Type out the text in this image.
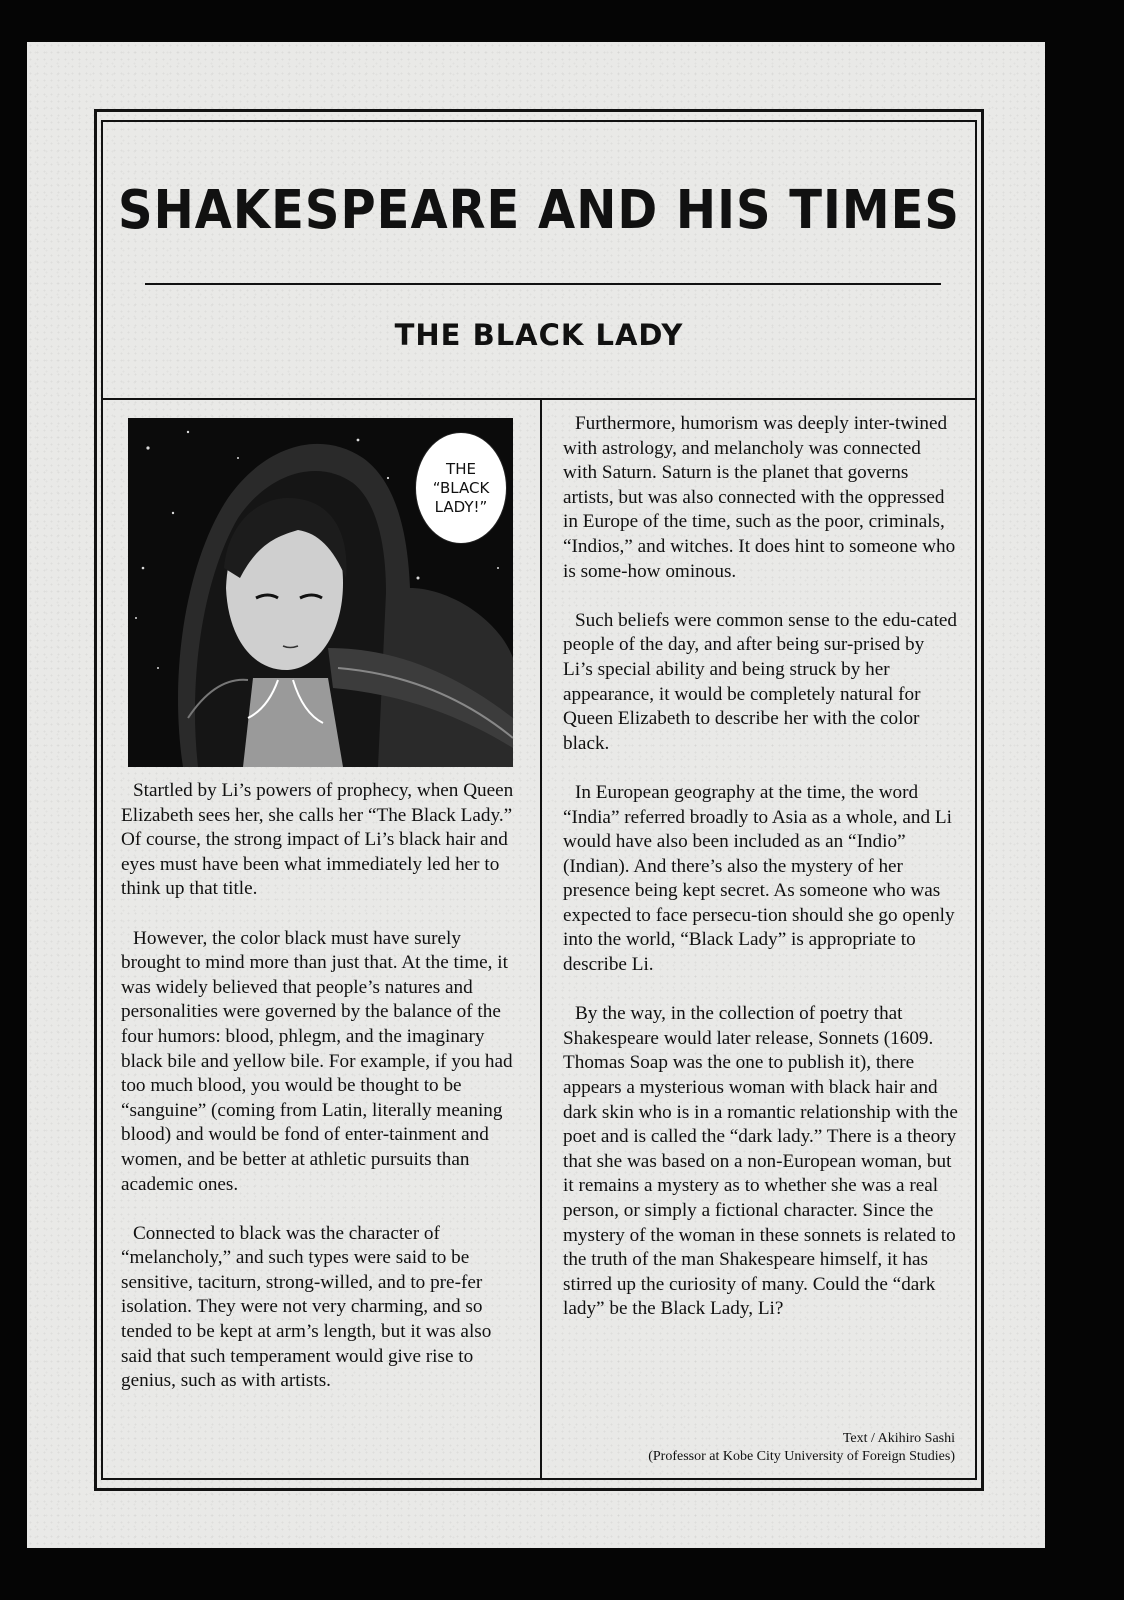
SHAKESPEARE AND HIS TIMES
THE BLACK LADY
THE “BLACK LADY!”

Startled by Li’s powers of prophecy, when Queen Elizabeth sees her, she calls her “The Black Lady.” Of course, the strong impact of Li’s black hair and eyes must have been what immediately led her to think up that title.

However, the color black must have surely brought to mind more than just that. At the time, it was widely believed that people’s natures and personalities were governed by the balance of the four humors: blood, phlegm, and the imaginary black bile and yellow bile. For example, if you had too much blood, you would be thought to be “sanguine” (coming from Latin, literally meaning blood) and would be fond of enter-tainment and women, and be better at athletic pursuits than academic ones.

Connected to black was the character of “melancholy,” and such types were said to be sensitive, taciturn, strong-willed, and to pre-fer isolation. They were not very charming, and so tended to be kept at arm’s length, but it was also said that such temperament would give rise to genius, such as with artists.

Furthermore, humorism was deeply inter-twined with astrology, and melancholy was connected with Saturn. Saturn is the planet that governs artists, but was also connected with the oppressed in Europe of the time, such as the poor, criminals, “Indios,” and witches. It does hint to someone who is some-how ominous.

Such beliefs were common sense to the edu-cated people of the day, and after being sur-prised by Li’s special ability and being struck by her appearance, it would be completely natural for Queen Elizabeth to describe her with the color black.

In European geography at the time, the word “India” referred broadly to Asia as a whole, and Li would have also been included as an “Indio” (Indian). And there’s also the mystery of her presence being kept secret. As someone who was expected to face persecu-tion should she go openly into the world, “Black Lady” is appropriate to describe Li.

By the way, in the collection of poetry that Shakespeare would later release, Sonnets (1609. Thomas Soap was the one to publish it), there appears a mysterious woman with black hair and dark skin who is in a romantic relationship with the poet and is called the “dark lady.” There is a theory that she was based on a non-European woman, but it remains a mystery as to whether she was a real person, or simply a fictional character. Since the mystery of the woman in these sonnets is related to the truth of the man Shakespeare himself, it has stirred up the curiosity of many. Could the “dark lady” be the Black Lady, Li?

Text / Akihiro Sashi
(Professor at Kobe City University of Foreign Studies)
